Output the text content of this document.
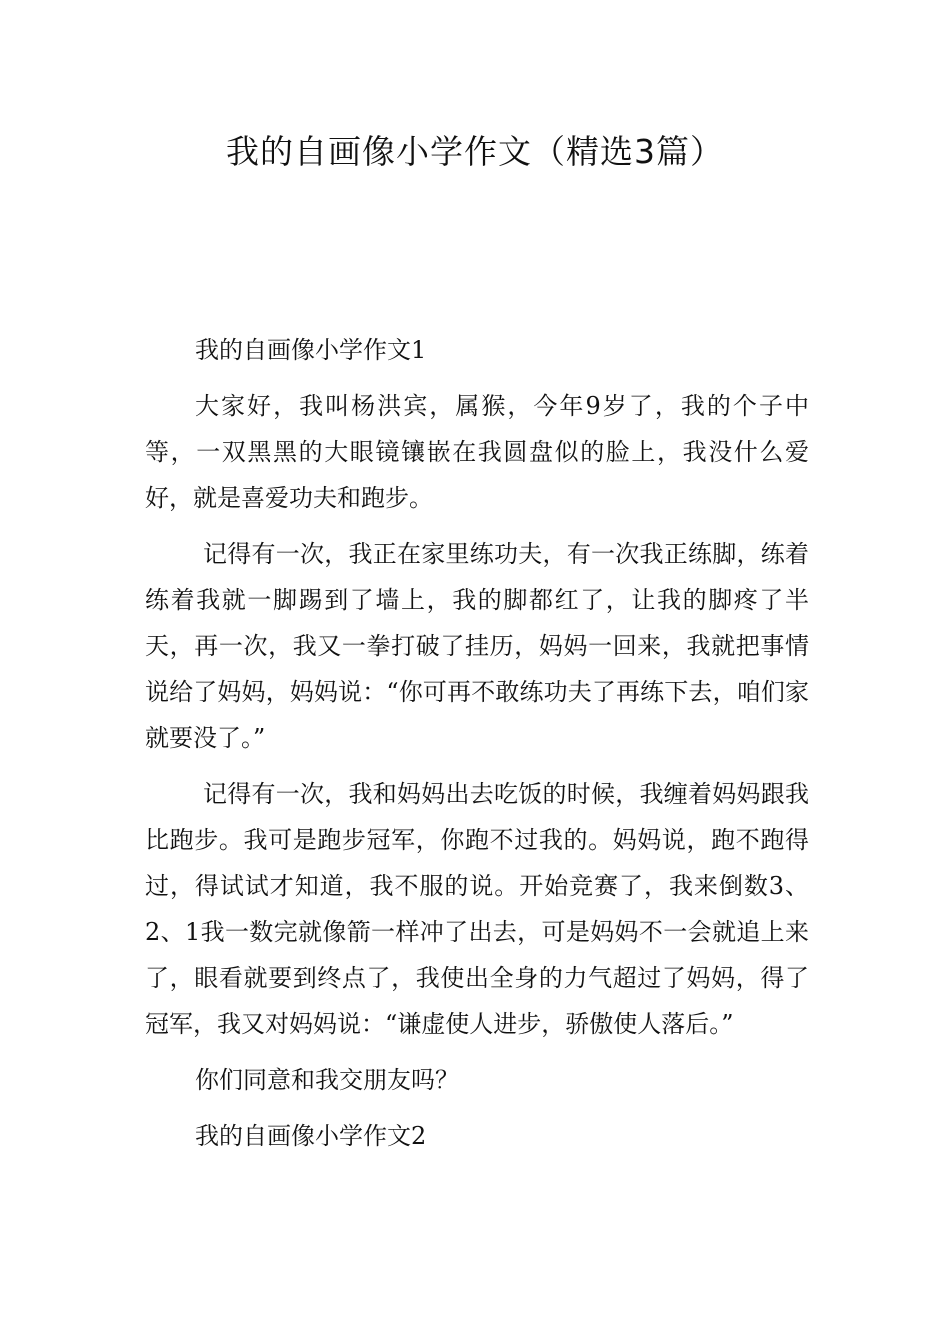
我的自画像小学作文（精选3篇）

我的自画像小学作文1

大家好，我叫杨洪宾，属猴，今年9岁了，我的个子中等，一双黑黑的大眼镜镶嵌在我圆盘似的脸上，我没什么爱好，就是喜爱功夫和跑步。

记得有一次，我正在家里练功夫，有一次我正练脚，练着练着我就一脚踢到了墙上，我的脚都红了，让我的脚疼了半天，再一次，我又一拳打破了挂历，妈妈一回来，我就把事情说给了妈妈，妈妈说：“你可再不敢练功夫了再练下去，咱们家就要没了。”

记得有一次，我和妈妈出去吃饭的时候，我缠着妈妈跟我比跑步。我可是跑步冠军，你跑不过我的。妈妈说，跑不跑得过，得试试才知道，我不服的说。开始竞赛了，我来倒数3、2、1我一数完就像箭一样冲了出去，可是妈妈不一会就追上来了，眼看就要到终点了，我使出全身的力气超过了妈妈，得了冠军，我又对妈妈说：“谦虚使人进步，骄傲使人落后。”

你们同意和我交朋友吗？

我的自画像小学作文2
